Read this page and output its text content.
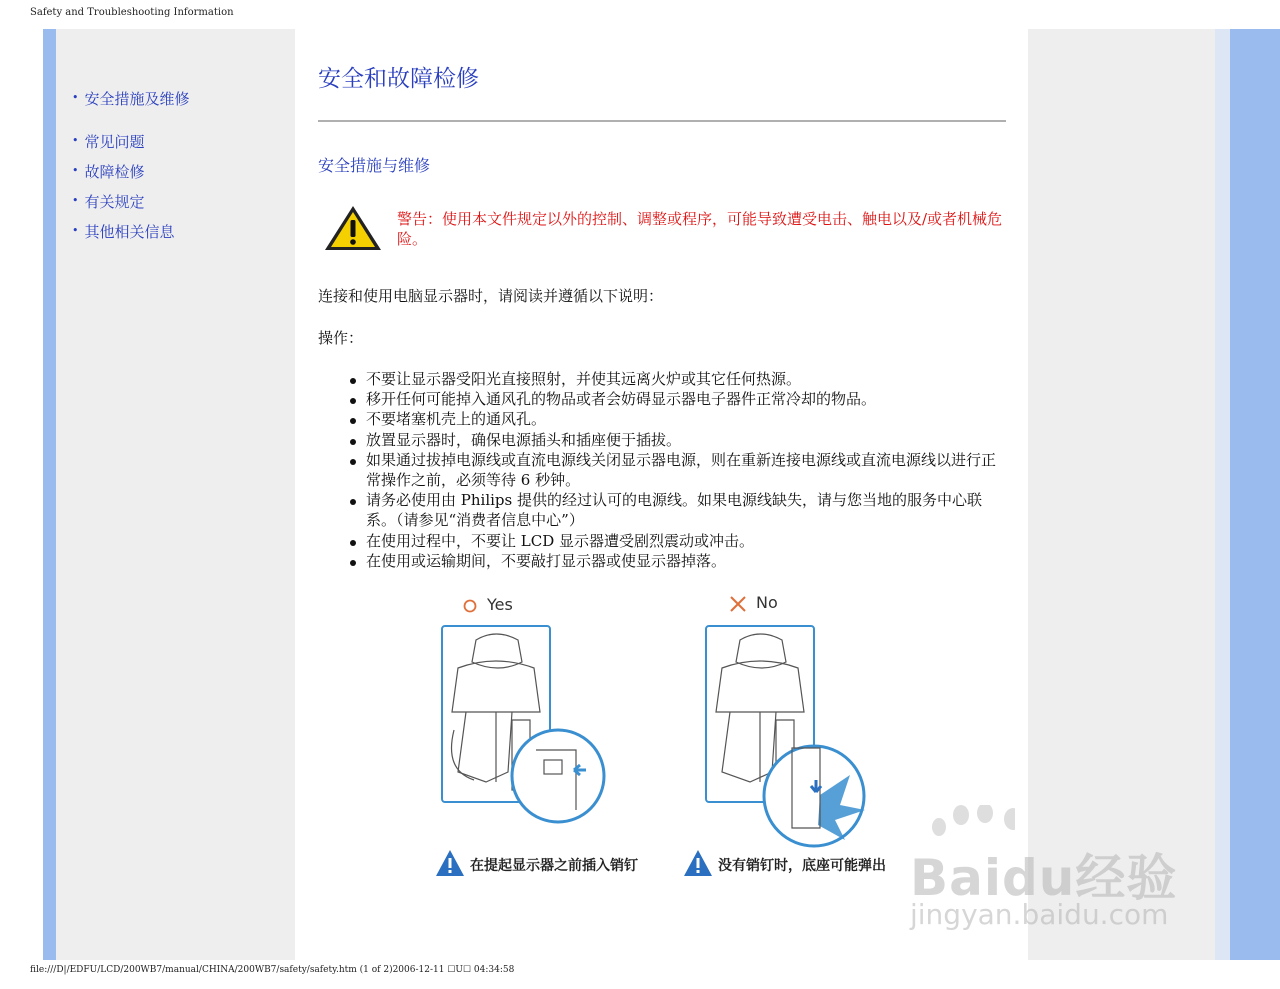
Safety and Troubleshooting Information
• 安全措施及维修
• 常见问题
• 故障检修
• 有关规定
• 其他相关信息
安全和故障检修
安全措施与维修
警告：使用本文件规定以外的控制、调整或程序，可能导致遭受电击、触电以及/或者机械危险。
连接和使用电脑显示器时，请阅读并遵循以下说明：
操作：
不要让显示器受阳光直接照射，并使其远离火炉或其它任何热源。
移开任何可能掉入通风孔的物品或者会妨碍显示器电子器件正常冷却的物品。
不要堵塞机壳上的通风孔。
放置显示器时，确保电源插头和插座便于插拔。
如果通过拔掉电源线或直流电源线关闭显示器电源，则在重新连接电源线或直流电源线以进行正常操作之前，必须等待 6 秒钟。
请务必使用由 Philips 提供的经过认可的电源线。如果电源线缺失，请与您当地的服务中心联系。（请参见“消费者信息中心”）
在使用过程中，不要让 LCD 显示器遭受剧烈震动或冲击。
在使用或运输期间，不要敲打显示器或使显示器掉落。
Yes	No
在提起显示器之前插入销钉	没有销钉时，底座可能弹出 Baidu经验
jingyan.baidu.com
file:///D|/EDFU/LCD/200WB7/manual/CHINA/200WB7/safety/safety.htm (1 of 2)2006-12-11 ☐U☐ 04:34:58
